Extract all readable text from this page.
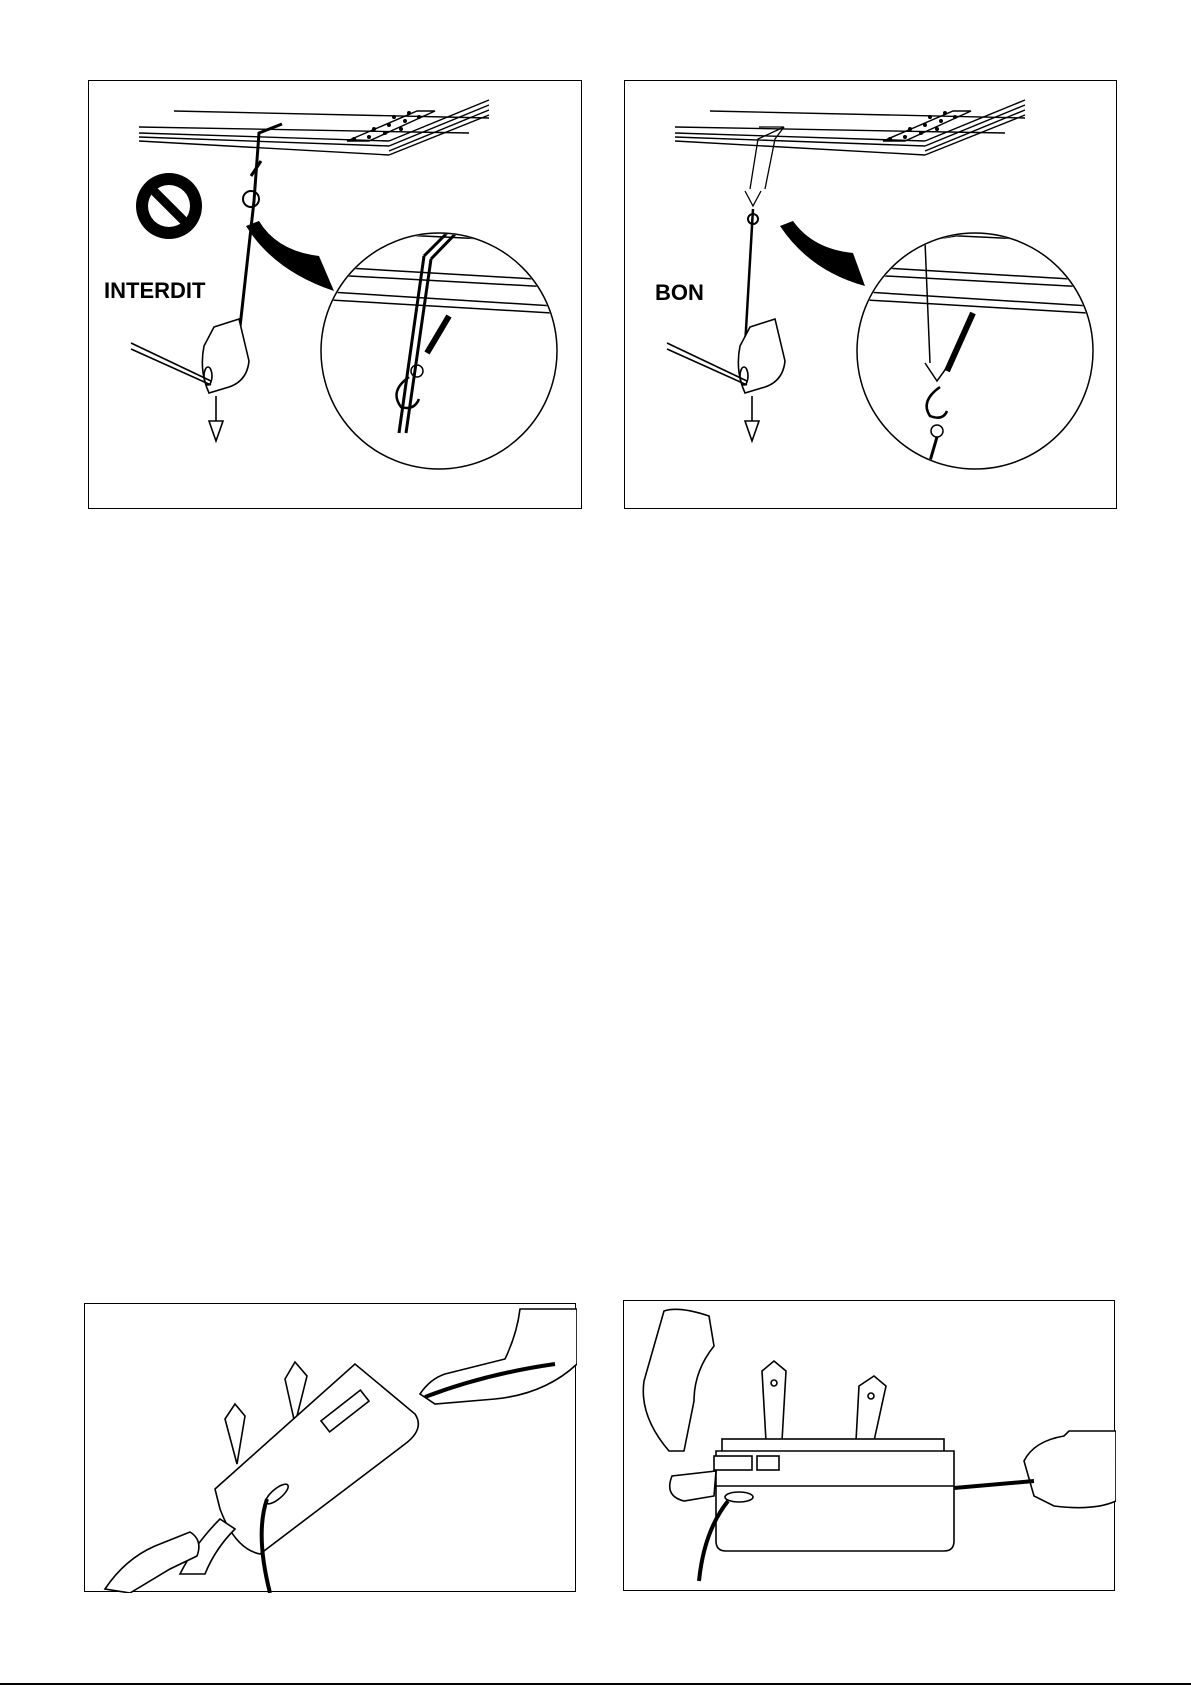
INTERDIT	BON
